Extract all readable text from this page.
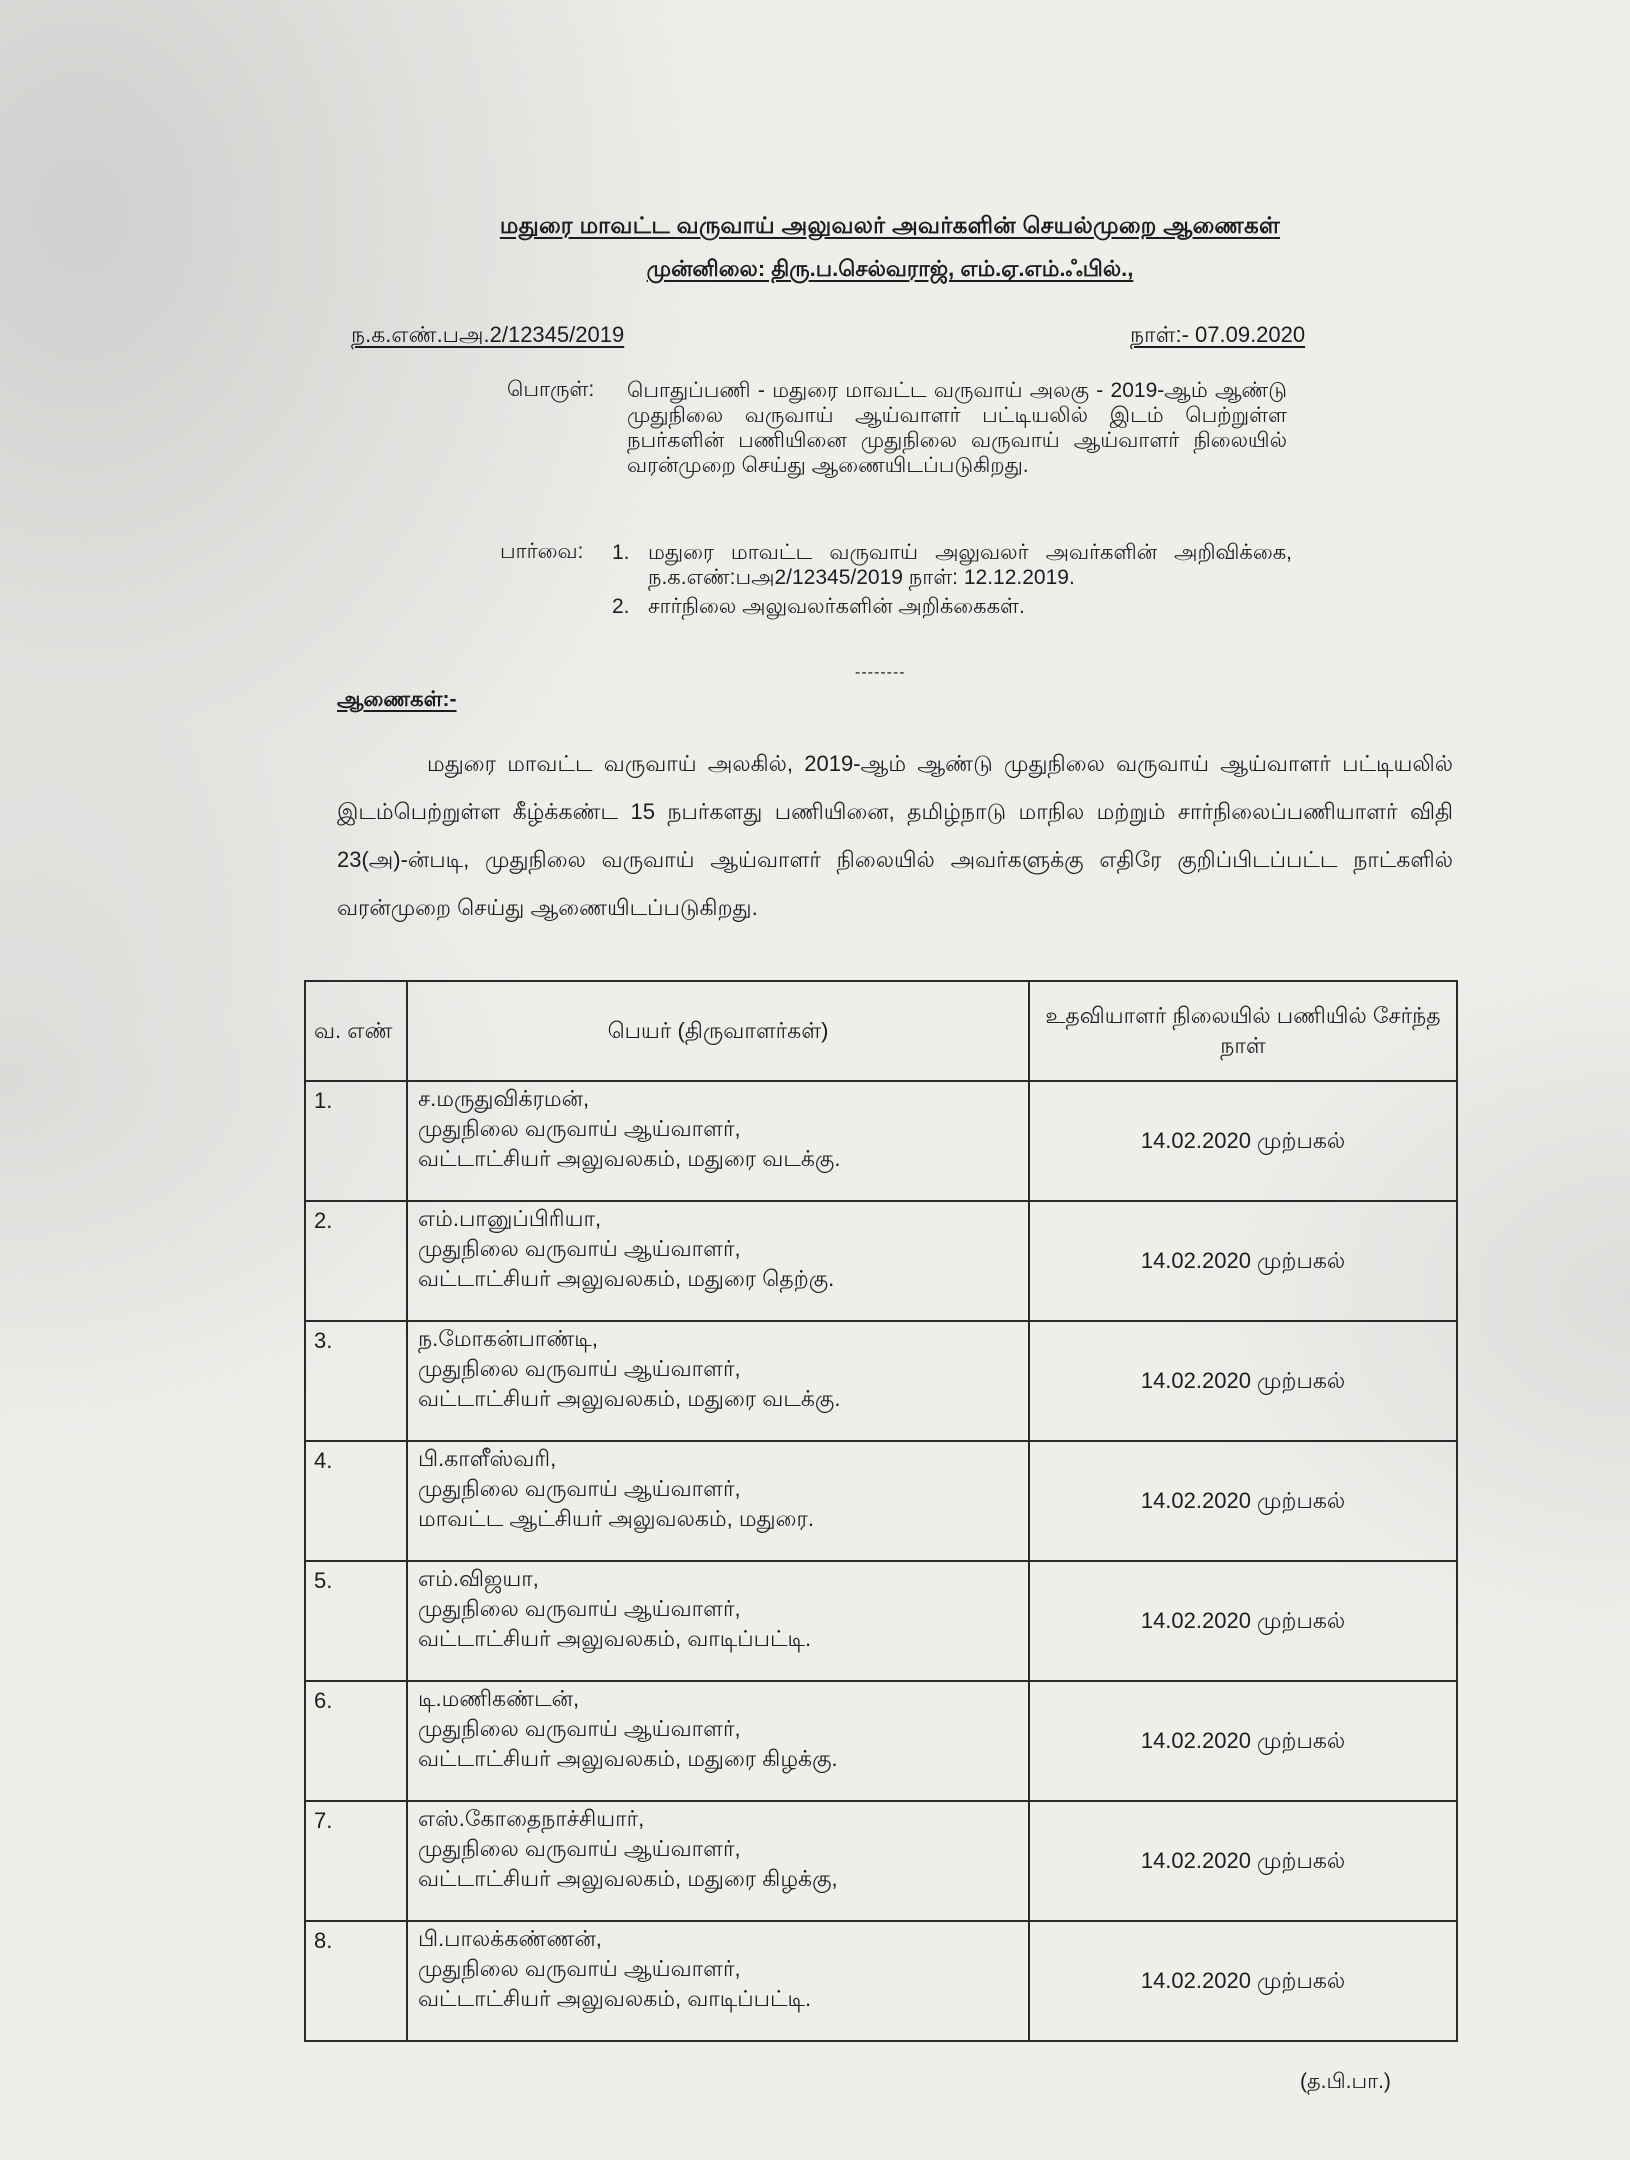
மதுரை மாவட்ட வருவாய் அலுவலர் அவர்களின் செயல்முறை ஆணைகள்
முன்னிலை: திரு.ப.செல்வராஜ், எம்.ஏ.எம்.ஃபில்.,
ந.க.எண்.பஅ.2/12345/2019	நாள்:- 07.09.2020
பொருள்: பொதுப்பணி - மதுரை மாவட்ட வருவாய் அலகு - 2019-ஆம் ஆண்டு முதுநிலை வருவாய் ஆய்வாளர் பட்டியலில் இடம் பெற்றுள்ள நபர்களின் பணியினை முதுநிலை வருவாய் ஆய்வாளர் நிலையில் வரன்முறை செய்து ஆணையிடப்படுகிறது.
பார்வை: 1. மதுரை மாவட்ட வருவாய் அலுவலர் அவர்களின் அறிவிக்கை, ந.க.எண்:பஅ2/12345/2019 நாள்: 12.12.2019.
2. சார்நிலை அலுவலர்களின் அறிக்கைகள்.
--------
ஆணைகள்:-
மதுரை மாவட்ட வருவாய் அலகில், 2019-ஆம் ஆண்டு முதுநிலை வருவாய் ஆய்வாளர் பட்டியலில் இடம்பெற்றுள்ள கீழ்க்கண்ட 15 நபர்களது பணியினை, தமிழ்நாடு மாநில மற்றும் சார்நிலைப்பணியாளர் விதி 23(அ)-ன்படி, முதுநிலை வருவாய் ஆய்வாளர் நிலையில் அவர்களுக்கு எதிரே குறிப்பிடப்பட்ட நாட்களில் வரன்முறை செய்து ஆணையிடப்படுகிறது.
வ. எண்	பெயர் (திருவாளர்கள்)	உதவியாளர் நிலையில் பணியில் சேர்ந்த நாள்
1.	ச.மருதுவிக்ரமன்,
முதுநிலை வருவாய் ஆய்வாளர்,
வட்டாட்சியர் அலுவலகம், மதுரை வடக்கு.	14.02.2020 முற்பகல்
2.	எம்.பானுப்பிரியா,
முதுநிலை வருவாய் ஆய்வாளர்,
வட்டாட்சியர் அலுவலகம், மதுரை தெற்கு.	14.02.2020 முற்பகல்
3.	ந.மோகன்பாண்டி,
முதுநிலை வருவாய் ஆய்வாளர்,
வட்டாட்சியர் அலுவலகம், மதுரை வடக்கு.	14.02.2020 முற்பகல்
4.	பி.காளீஸ்வரி,
முதுநிலை வருவாய் ஆய்வாளர்,
மாவட்ட ஆட்சியர் அலுவலகம், மதுரை.	14.02.2020 முற்பகல்
5.	எம்.விஜயா,
முதுநிலை வருவாய் ஆய்வாளர்,
வட்டாட்சியர் அலுவலகம், வாடிப்பட்டி.	14.02.2020 முற்பகல்
6.	டி.மணிகண்டன்,
முதுநிலை வருவாய் ஆய்வாளர்,
வட்டாட்சியர் அலுவலகம், மதுரை கிழக்கு.	14.02.2020 முற்பகல்
7.	எஸ்.கோதைநாச்சியார்,
முதுநிலை வருவாய் ஆய்வாளர்,
வட்டாட்சியர் அலுவலகம், மதுரை கிழக்கு,	14.02.2020 முற்பகல்
8.	பி.பாலக்கண்ணன்,
முதுநிலை வருவாய் ஆய்வாளர்,
வட்டாட்சியர் அலுவலகம், வாடிப்பட்டி.	14.02.2020 முற்பகல்
(த.பி.பா.)
